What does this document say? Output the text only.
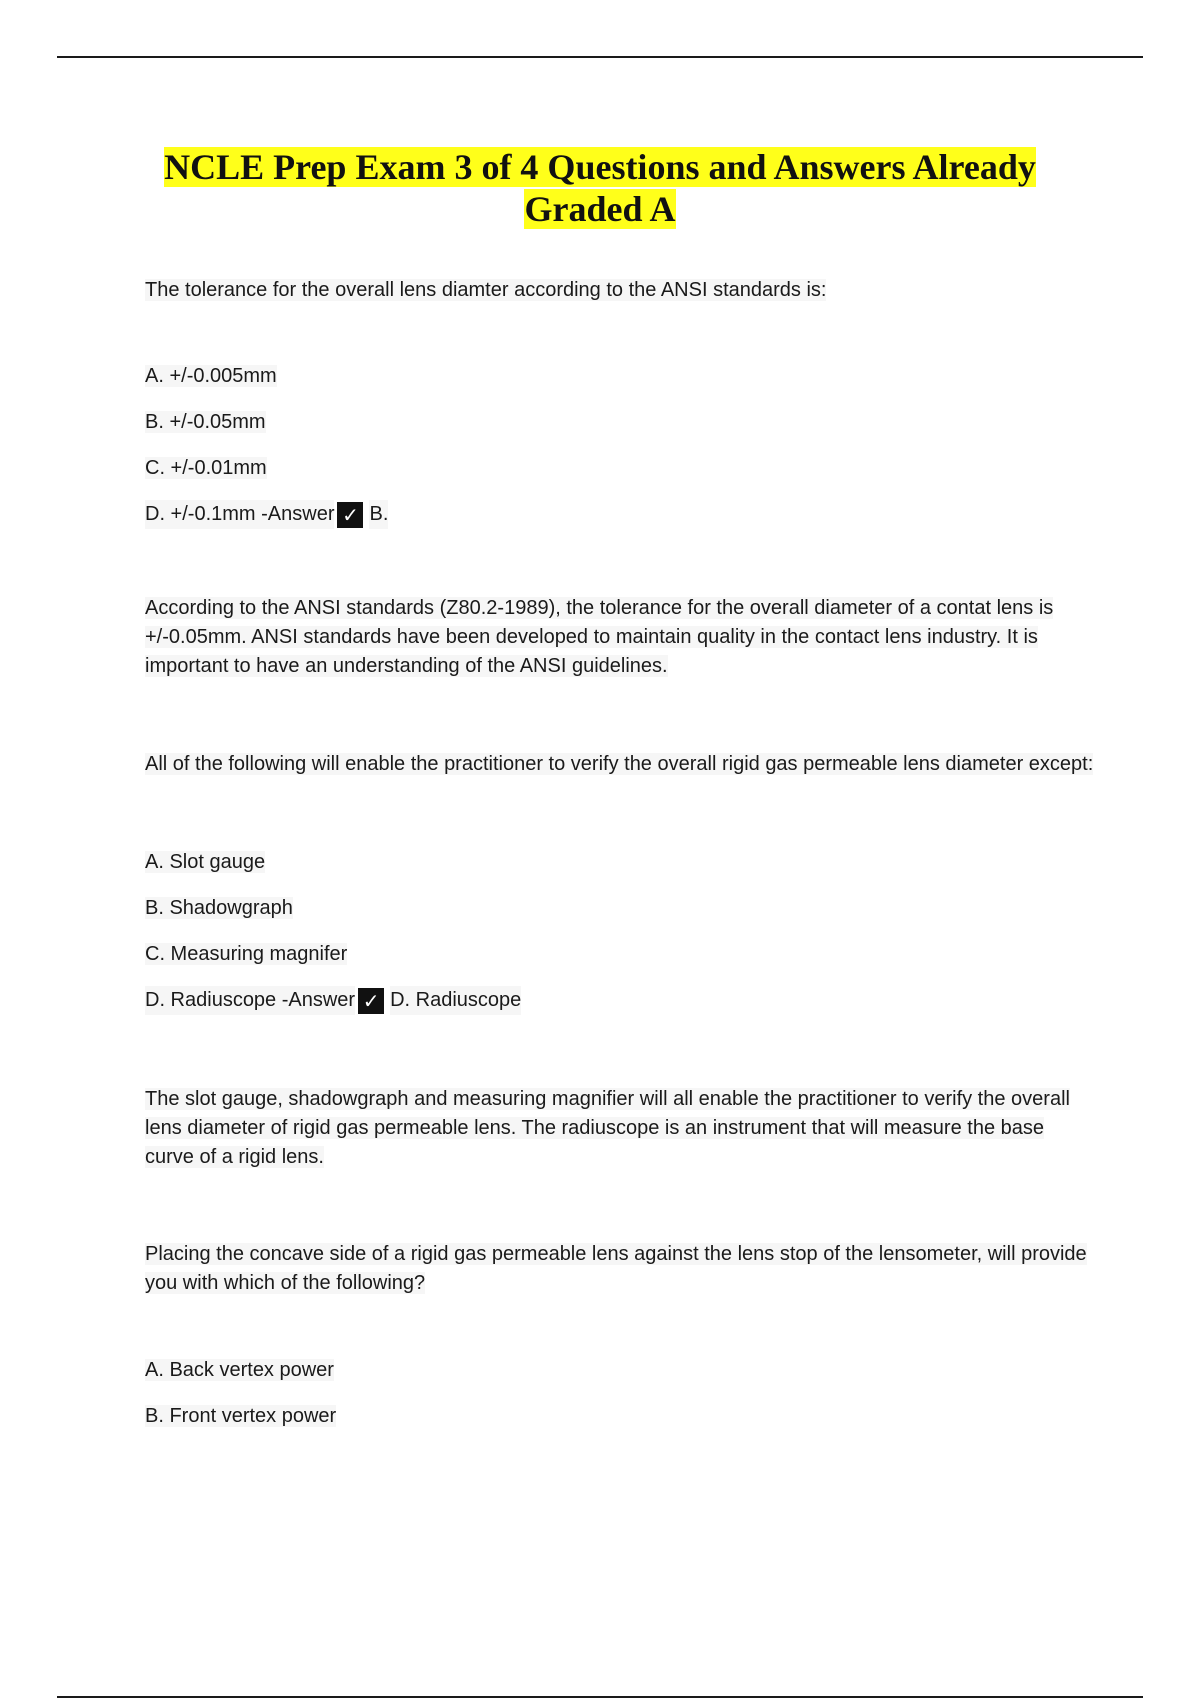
NCLE Prep Exam 3 of 4 Questions and Answers Already
Graded A

The tolerance for the overall lens diamter according to the ANSI standards is:

A. +/-0.005mm
B. +/-0.05mm
C. +/-0.01mm
D. +/-0.1mm -Answer ✓ B.

According to the ANSI standards (Z80.2-1989), the tolerance for the overall diameter of a contat lens is +/-0.05mm. ANSI standards have been developed to maintain quality in the contact lens industry. It is important to have an understanding of the ANSI guidelines.

All of the following will enable the practitioner to verify the overall rigid gas permeable lens diameter except:

A. Slot gauge
B. Shadowgraph
C. Measuring magnifer
D. Radiuscope -Answer ✓ D. Radiuscope

The slot gauge, shadowgraph and measuring magnifier will all enable the practitioner to verify the overall lens diameter of rigid gas permeable lens. The radiuscope is an instrument that will measure the base curve of a rigid lens.

Placing the concave side of a rigid gas permeable lens against the lens stop of the lensometer, will provide you with which of the following?

A. Back vertex power
B. Front vertex power
